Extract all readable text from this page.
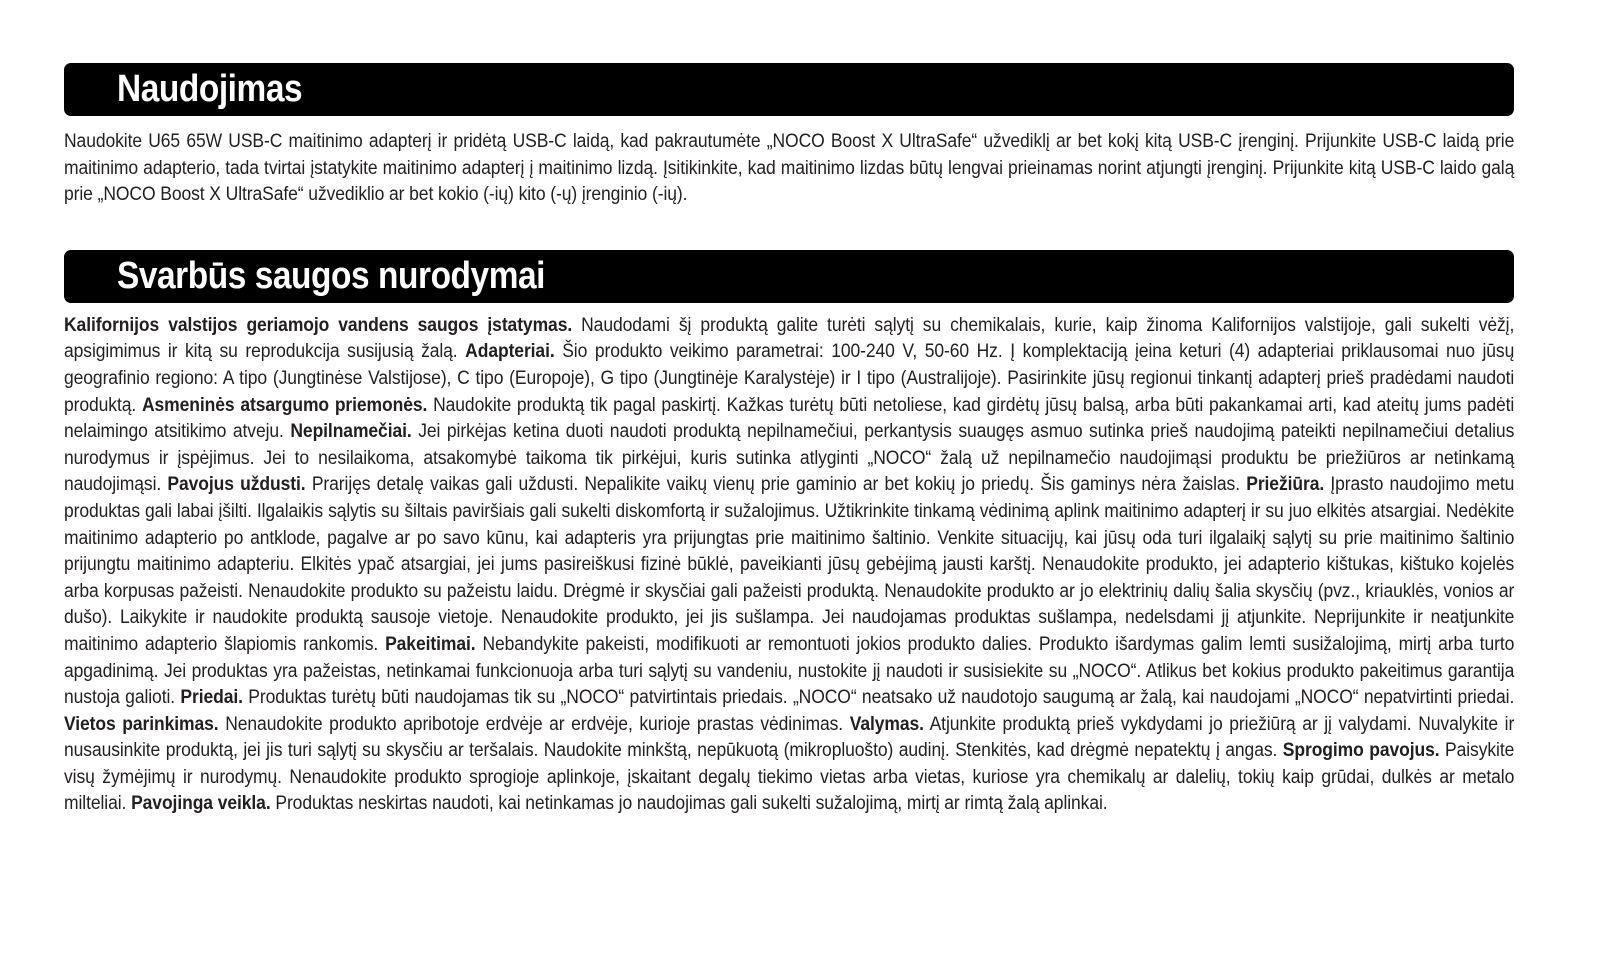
Naudojimas

Naudokite U65 65W USB-C maitinimo adapterį ir pridėtą USB-C laidą, kad pakrautumėte „NOCO Boost X UltraSafe“ užvediklį ar bet kokį kitą USB-C įrenginį. Prijunkite USB-C laidą prie maitinimo adapterio, tada tvirtai įstatykite maitinimo adapterį į maitinimo lizdą. Įsitikinkite, kad maitinimo lizdas būtų lengvai prieinamas norint atjungti įrenginį. Prijunkite kitą USB-C laido galą prie „NOCO Boost X UltraSafe“ užvediklio ar bet kokio (-ių) kito (-ų) įrenginio (-ių).

Svarbūs saugos nurodymai

Kalifornijos valstijos geriamojo vandens saugos įstatymas. Naudodami šį produktą galite turėti sąlytį su chemikalais, kurie, kaip žinoma Kalifornijos valstijoje, gali sukelti vėžį, apsigimimus ir kitą su reprodukcija susijusią žalą. Adapteriai. Šio produkto veikimo parametrai: 100-240 V, 50-60 Hz. Į komplektaciją įeina keturi (4) adapteriai priklausomai nuo jūsų geografinio regiono: A tipo (Jungtinėse Valstijose), C tipo (Europoje), G tipo (Jungtinėje Karalystėje) ir I tipo (Australijoje). Pasirinkite jūsų regionui tinkantį adapterį prieš pradėdami naudoti produktą. Asmeninės atsargumo priemonės. Naudokite produktą tik pagal paskirtį. Kažkas turėtų būti netoliese, kad girdėtų jūsų balsą, arba būti pakankamai arti, kad ateitų jums padėti nelaimingo atsitikimo atveju. Nepilnamečiai. Jei pirkėjas ketina duoti naudoti produktą nepilnamečiui, perkantysis suaugęs asmuo sutinka prieš naudojimą pateikti nepilnamečiui detalius nurodymus ir įspėjimus. Jei to nesilaikoma, atsakomybė taikoma tik pirkėjui, kuris sutinka atlyginti „NOCO“ žalą už nepilnamečio naudojimąsi produktu be priežiūros ar netinkamą naudojimąsi. Pavojus uždusti. Prarijęs detalę vaikas gali uždusti. Nepalikite vaikų vienų prie gaminio ar bet kokių jo priedų. Šis gaminys nėra žaislas. Priežiūra. Įprasto naudojimo metu produktas gali labai įšilti. Ilgalaikis sąlytis su šiltais paviršiais gali sukelti diskomfortą ir sužalojimus. Užtikrinkite tinkamą vėdinimą aplink maitinimo adapterį ir su juo elkitės atsargiai. Nedėkite maitinimo adapterio po antklode, pagalve ar po savo kūnu, kai adapteris yra prijungtas prie maitinimo šaltinio. Venkite situacijų, kai jūsų oda turi ilgalaikį sąlytį su prie maitinimo šaltinio prijungtu maitinimo adapteriu. Elkitės ypač atsargiai, jei jums pasireiškusi fizinė būklė, paveikianti jūsų gebėjimą jausti karštį. Nenaudokite produkto, jei adapterio kištukas, kištuko kojelės arba korpusas pažeisti. Nenaudokite produkto su pažeistu laidu. Drėgmė ir skysčiai gali pažeisti produktą. Nenaudokite produkto ar jo elektrinių dalių šalia skysčių (pvz., kriauklės, vonios ar dušo). Laikykite ir naudokite produktą sausoje vietoje. Nenaudokite produkto, jei jis sušlampa. Jei naudojamas produktas sušlampa, nedelsdami jį atjunkite. Neprijunkite ir neatjunkite maitinimo adapterio šlapiomis rankomis. Pakeitimai. Nebandykite pakeisti, modifikuoti ar remontuoti jokios produkto dalies. Produkto išardymas galim lemti susižalojimą, mirtį arba turto apgadinimą. Jei produktas yra pažeistas, netinkamai funkcionuoja arba turi sąlytį su vandeniu, nustokite jį naudoti ir susisiekite su „NOCO“. Atlikus bet kokius produkto pakeitimus garantija nustoja galioti. Priedai. Produktas turėtų būti naudojamas tik su „NOCO“ patvirtintais priedais. „NOCO“ neatsako už naudotojo saugumą ar žalą, kai naudojami „NOCO“ nepatvirtinti priedai. Vietos parinkimas. Nenaudokite produkto apribotoje erdvėje ar erdvėje, kurioje prastas vėdinimas. Valymas. Atjunkite produktą prieš vykdydami jo priežiūrą ar jį valydami. Nuvalykite ir nusausinkite produktą, jei jis turi sąlytį su skysčiu ar teršalais. Naudokite minkštą, nepūkuotą (mikropluošto) audinį. Stenkitės, kad drėgmė nepatektų į angas. Sprogimo pavojus. Paisykite visų žymėjimų ir nurodymų. Nenaudokite produkto sprogioje aplinkoje, įskaitant degalų tiekimo vietas arba vietas, kuriose yra chemikalų ar dalelių, tokių kaip grūdai, dulkės ar metalo milteliai. Pavojinga veikla. Produktas neskirtas naudoti, kai netinkamas jo naudojimas gali sukelti sužalojimą, mirtį ar rimtą žalą aplinkai.
